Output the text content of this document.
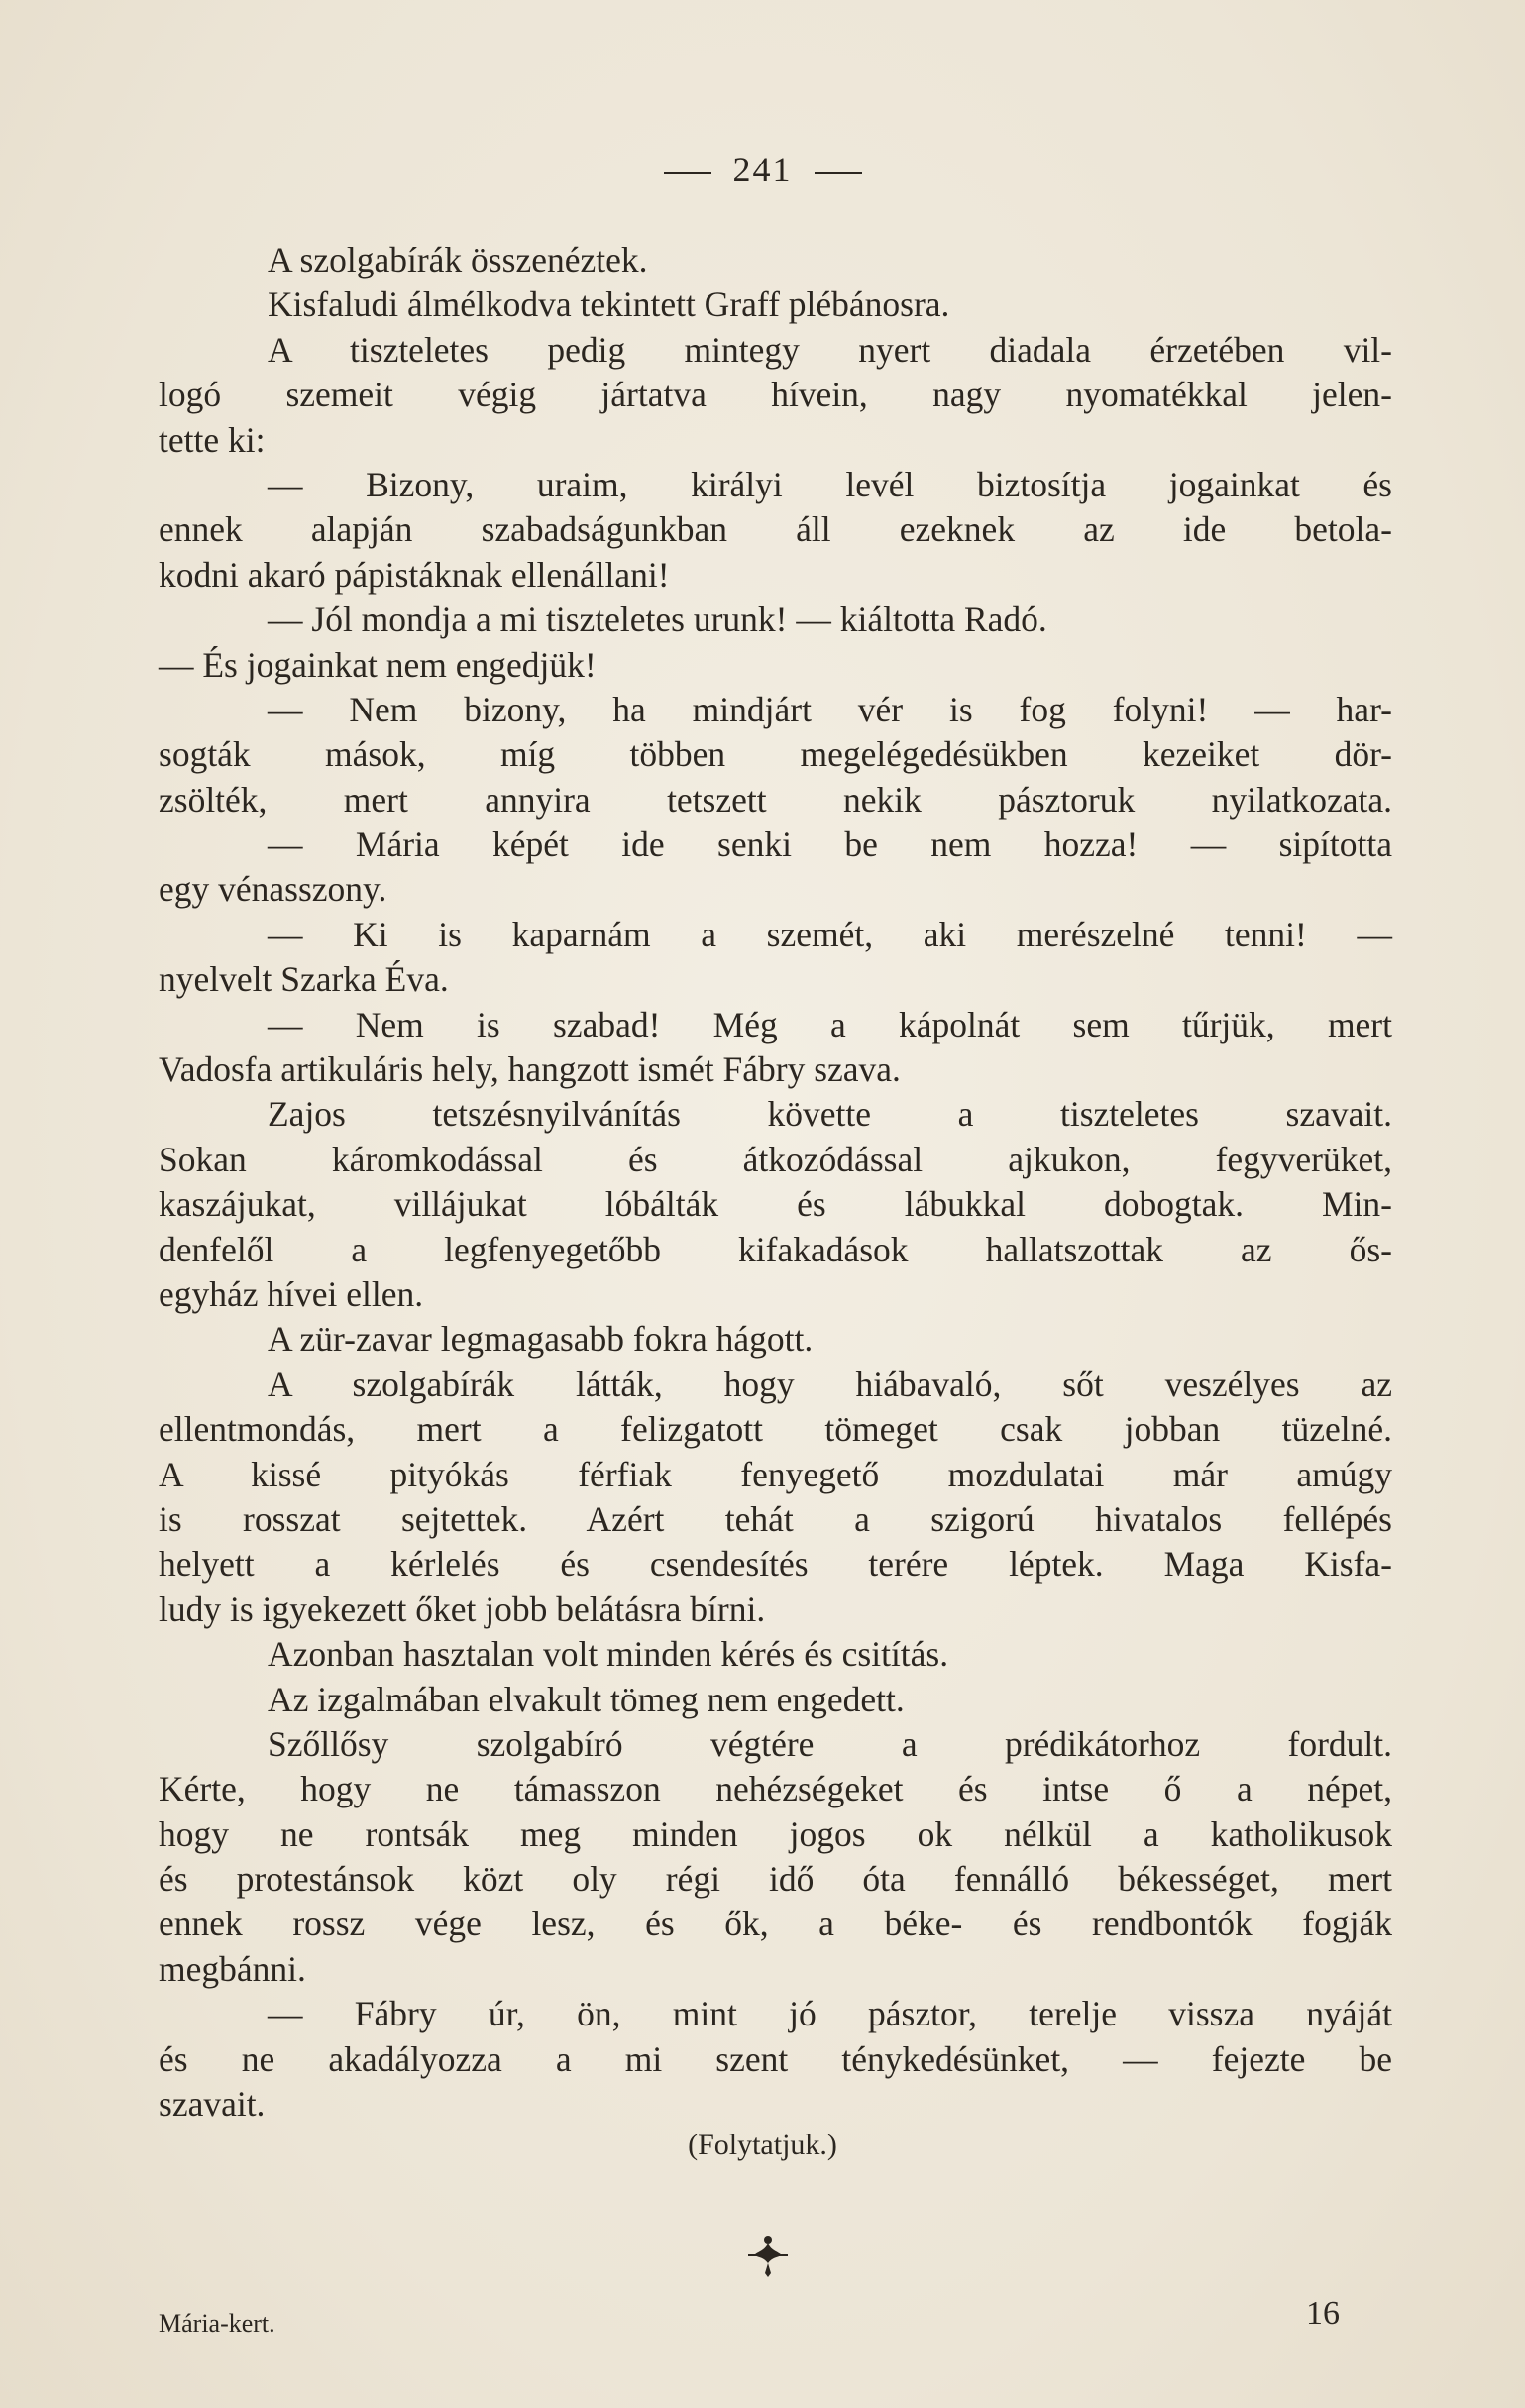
241
A szolgabírák összenéztek.
Kisfaludi álmélkodva tekintett Graff plébánosra.
A tiszteletes pedig mintegy nyert diadala érzetében vil-
logó szemeit végig jártatva hívein, nagy nyomatékkal jelen-
tette ki:
— Bizony, uraim, királyi levél biztosítja jogainkat és
ennek alapján szabadságunkban áll ezeknek az ide betola-
kodni akaró pápistáknak ellenállani!
— Jól mondja a mi tiszteletes urunk! — kiáltotta Radó.
— És jogainkat nem engedjük!
— Nem bizony, ha mindjárt vér is fog folyni! — har-
sogták mások, míg többen megelégedésükben kezeiket dör-
zsölték, mert annyira tetszett nekik pásztoruk nyilatkozata.
— Mária képét ide senki be nem hozza! — sipította
egy vénasszony.
— Ki is kaparnám a szemét, aki merészelné tenni! —
nyelvelt Szarka Éva.
— Nem is szabad! Még a kápolnát sem tűrjük, mert
Vadosfa artikuláris hely, hangzott ismét Fábry szava.
Zajos tetszésnyilvánítás követte a tiszteletes szavait.
Sokan káromkodással és átkozódással ajkukon, fegyverüket,
kaszájukat, villájukat lóbálták és lábukkal dobogtak. Min-
denfelől a legfenyegetőbb kifakadások hallatszottak az ős-
egyház hívei ellen.
A zür-zavar legmagasabb fokra hágott.
A szolgabírák látták, hogy hiábavaló, sőt veszélyes az
ellentmondás, mert a felizgatott tömeget csak jobban tüzelné.
A kissé pityókás férfiak fenyegető mozdulatai már amúgy
is rosszat sejtettek. Azért tehát a szigorú hivatalos fellépés
helyett a kérlelés és csendesítés terére léptek. Maga Kisfa-
ludy is igyekezett őket jobb belátásra bírni.
Azonban hasztalan volt minden kérés és csitítás.
Az izgalmában elvakult tömeg nem engedett.
Szőllősy szolgabíró végtére a prédikátorhoz fordult.
Kérte, hogy ne támasszon nehézségeket és intse ő a népet,
hogy ne rontsák meg minden jogos ok nélkül a katholikusok
és protestánsok közt oly régi idő óta fennálló békességet, mert
ennek rossz vége lesz, és ők, a béke- és rendbontók fogják
megbánni.
— Fábry úr, ön, mint jó pásztor, terelje vissza nyáját
és ne akadályozza a mi szent ténykedésünket, — fejezte be
szavait.
(Folytatjuk.)
Mária-kert.	16
